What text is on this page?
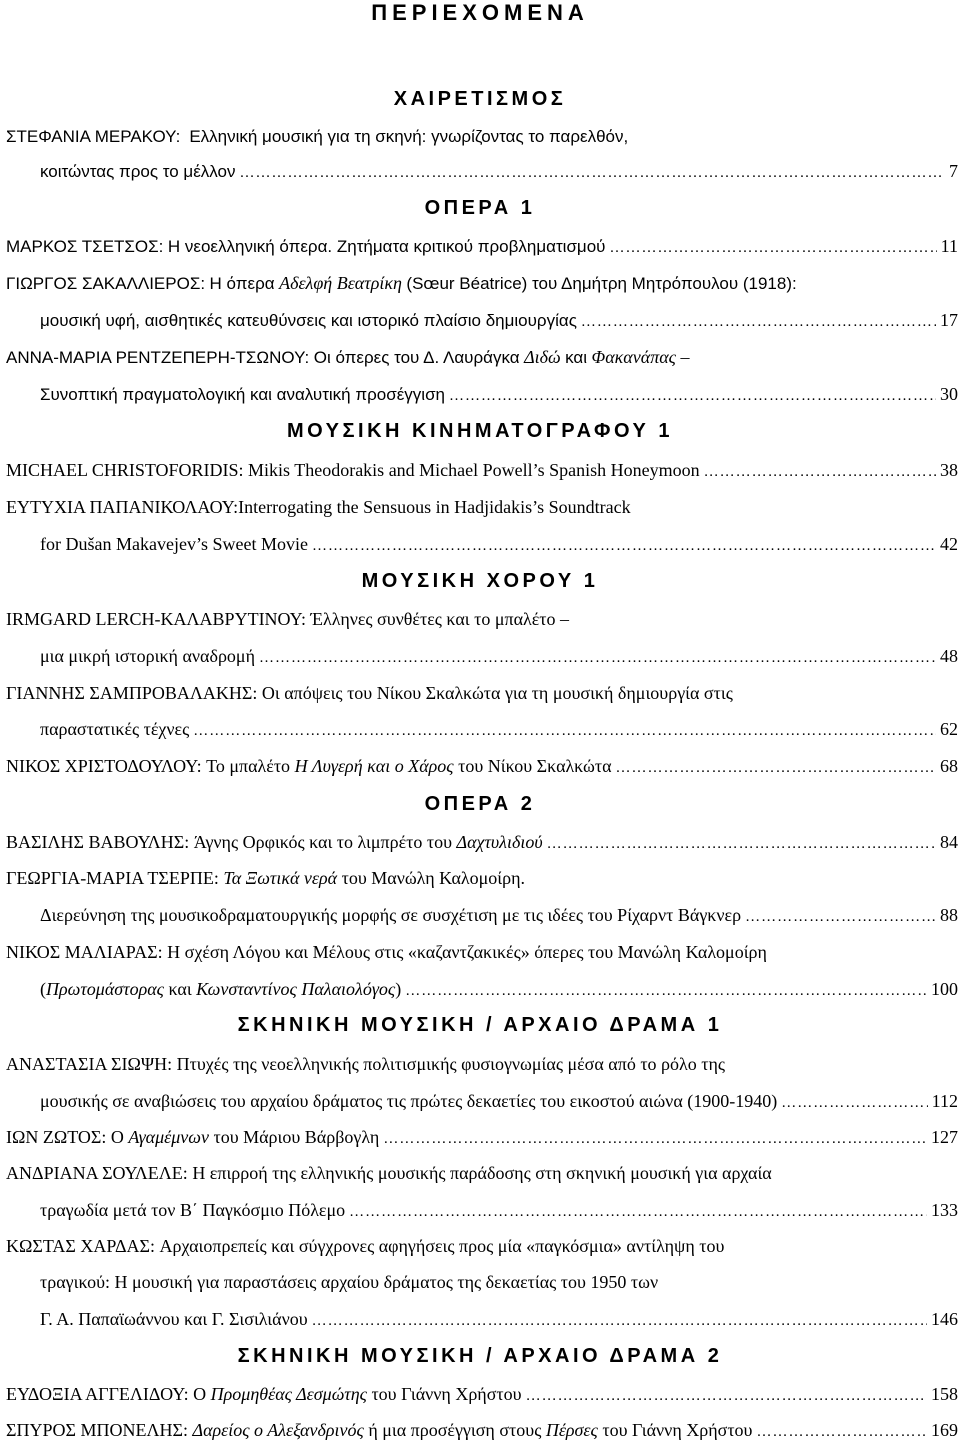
ΠΕΡΙΕΧΟΜΕΝΑ
ΧΑΙΡΕΤΙΣΜΟΣ
ΣΤΕΦΑΝΙΑ ΜΕΡΑΚΟΥ:
Ελληνική μουσική για τη σκηνή: γνωρίζοντας το παρελθόν,
κοιτώντας προς το μέλλον ………………………………………………………………………………………………………………………………………………………………………………………………	7
ΟΠΕΡΑ 1
ΜΑΡΚΟΣ ΤΣΕΤΣΟΣ:
Η νεοελληνική όπερα. Ζητήματα κριτικού προβληματισμού ………………………………………………………………………………………………………………………………………………………………………………………………	11
ΓΙΩΡΓΟΣ ΣΑΚΑΛΛΙΕΡΟΣ:
Η όπερα
Αδελφή Βεατρίκη
(Sœur Béatrice) του Δημήτρη Μητρόπουλου (1918):
μουσική υφή, αισθητικές κατευθύνσεις και ιστορικό πλαίσιο δημιουργίας ………………………………………………………………………………………………………………………………………………………………………………………………	17
ΑΝΝΑ-ΜΑΡΙΑ ΡΕΝΤΖΕΠΕΡΗ-ΤΣΩΝΟΥ:
Οι όπερες του Δ. Λαυράγκα
Διδώ
και
Φακανάπας
–
Συνοπτική πραγματολογική και αναλυτική προσέγγιση ………………………………………………………………………………………………………………………………………………………………………………………………	30
ΜΟΥΣΙΚΗ ΚΙΝΗΜΑΤΟΓΡΑΦΟΥ 1
MICHAEL CHRISTOFORIDIS:
Mikis Theodorakis and Michael Powell’s Spanish Honeymoon ………………………………………………………………………………………………………………………………………………………………………………………………	38
ΕΥΤΥΧΙΑ ΠΑΠΑΝΙΚΟΛΑΟΥ: Interrogating the Sensuous in Hadjidakis’s Soundtrack
for Dušan Makavejev’s Sweet Movie ………………………………………………………………………………………………………………………………………………………………………………………………	42
ΜΟΥΣΙΚΗ ΧΟΡΟΥ 1
IRMGARD LERCH-ΚΑΛΑΒΡΥΤΙΝΟΥ:
Έλληνες συνθέτες και το μπαλέτο –
μια μικρή ιστορική αναδρομή ………………………………………………………………………………………………………………………………………………………………………………………………	48
ΓΙΑΝΝΗΣ ΣΑΜΠΡΟΒΑΛΑΚΗΣ:
Οι απόψεις του Νίκου Σκαλκώτα για τη μουσική δημιουργία στις
παραστατικές τέχνες ………………………………………………………………………………………………………………………………………………………………………………………………	62
ΝΙΚΟΣ ΧΡΙΣΤΟΔΟΥΛΟΥ:
Το μπαλέτο
Η Λυγερή και ο Χάρος
του Νίκου Σκαλκώτα ………………………………………………………………………………………………………………………………………………………………………………………………	68
ΟΠΕΡΑ 2
ΒΑΣΙΛΗΣ ΒΑΒΟΥΛΗΣ:
Άγνης Ορφικός και το λιμπρέτο του
Δαχτυλιδιού ………………………………………………………………………………………………………………………………………………………………………………………………	84
ΓΕΩΡΓΙΑ-ΜΑΡΙΑ ΤΣΕΡΠΕ:
Τα Ξωτικά νερά
του Μανώλη Καλομοίρη.
Διερεύνηση της μουσικοδραματουργικής μορφής σε συσχέτιση με τις ιδέες του Ρίχαρντ Βάγκνερ ………………………………………………………………………………………………………………………………………………………………………………………………	88
ΝΙΚΟΣ ΜΑΛΙΑΡΑΣ:
Η σχέση Λόγου και Μέλους στις «καζαντζακικές» όπερες του Μανώλη Καλομοίρη
( Πρωτομάστορας
και
Κωνσταντίνος Παλαιολόγος ) ………………………………………………………………………………………………………………………………………………………………………………………………	100
ΣΚΗΝΙΚΗ ΜΟΥΣΙΚΗ / ΑΡΧΑΙΟ ΔΡΑΜΑ 1
ΑΝΑΣΤΑΣΙΑ ΣΙΩΨΗ:
Πτυχές της νεοελληνικής πολιτισμικής φυσιογνωμίας μέσα από το ρόλο της
μουσικής σε αναβιώσεις του αρχαίου δράματος τις πρώτες δεκαετίες του εικοστού αιώνα (1900-1940) ………………………………………………………………………………………………………………………………………………………………………………………………	112
ΙΩΝ ΖΩΤΟΣ:
Ο
Αγαμέμνων
του Μάριου Βάρβογλη ………………………………………………………………………………………………………………………………………………………………………………………………	127
ΑΝΔΡΙΑΝΑ ΣΟΥΛΕΛΕ:
Η επιρροή της ελληνικής μουσικής παράδοσης στη σκηνική μουσική για αρχαία
τραγωδία μετά τον Β΄ Παγκόσμιο Πόλεμο ………………………………………………………………………………………………………………………………………………………………………………………………	133
ΚΩΣΤΑΣ ΧΑΡΔΑΣ:
Αρχαιοπρεπείς και σύγχρονες αφηγήσεις προς μία «παγκόσμια» αντίληψη του
τραγικού: Η μουσική για παραστάσεις αρχαίου δράματος της δεκαετίας του 1950 των
Γ. Α. Παπαϊωάννου και Γ. Σισιλιάνου ………………………………………………………………………………………………………………………………………………………………………………………………	146
ΣΚΗΝΙΚΗ ΜΟΥΣΙΚΗ / ΑΡΧΑΙΟ ΔΡΑΜΑ 2
ΕΥΔΟΞΙΑ ΑΓΓΕΛΙΔΟΥ:
Ο
Προμηθέας Δεσμώτης
του Γιάννη Χρήστου ………………………………………………………………………………………………………………………………………………………………………………………………	158
ΣΠΥΡΟΣ ΜΠΟΝΕΛΗΣ:
Δαρείος ο Αλεξανδρινός
ή μια προσέγγιση στους
Πέρσες
του Γιάννη Χρήστου ………………………………………………………………………………………………………………………………………………………………………………………………	169
